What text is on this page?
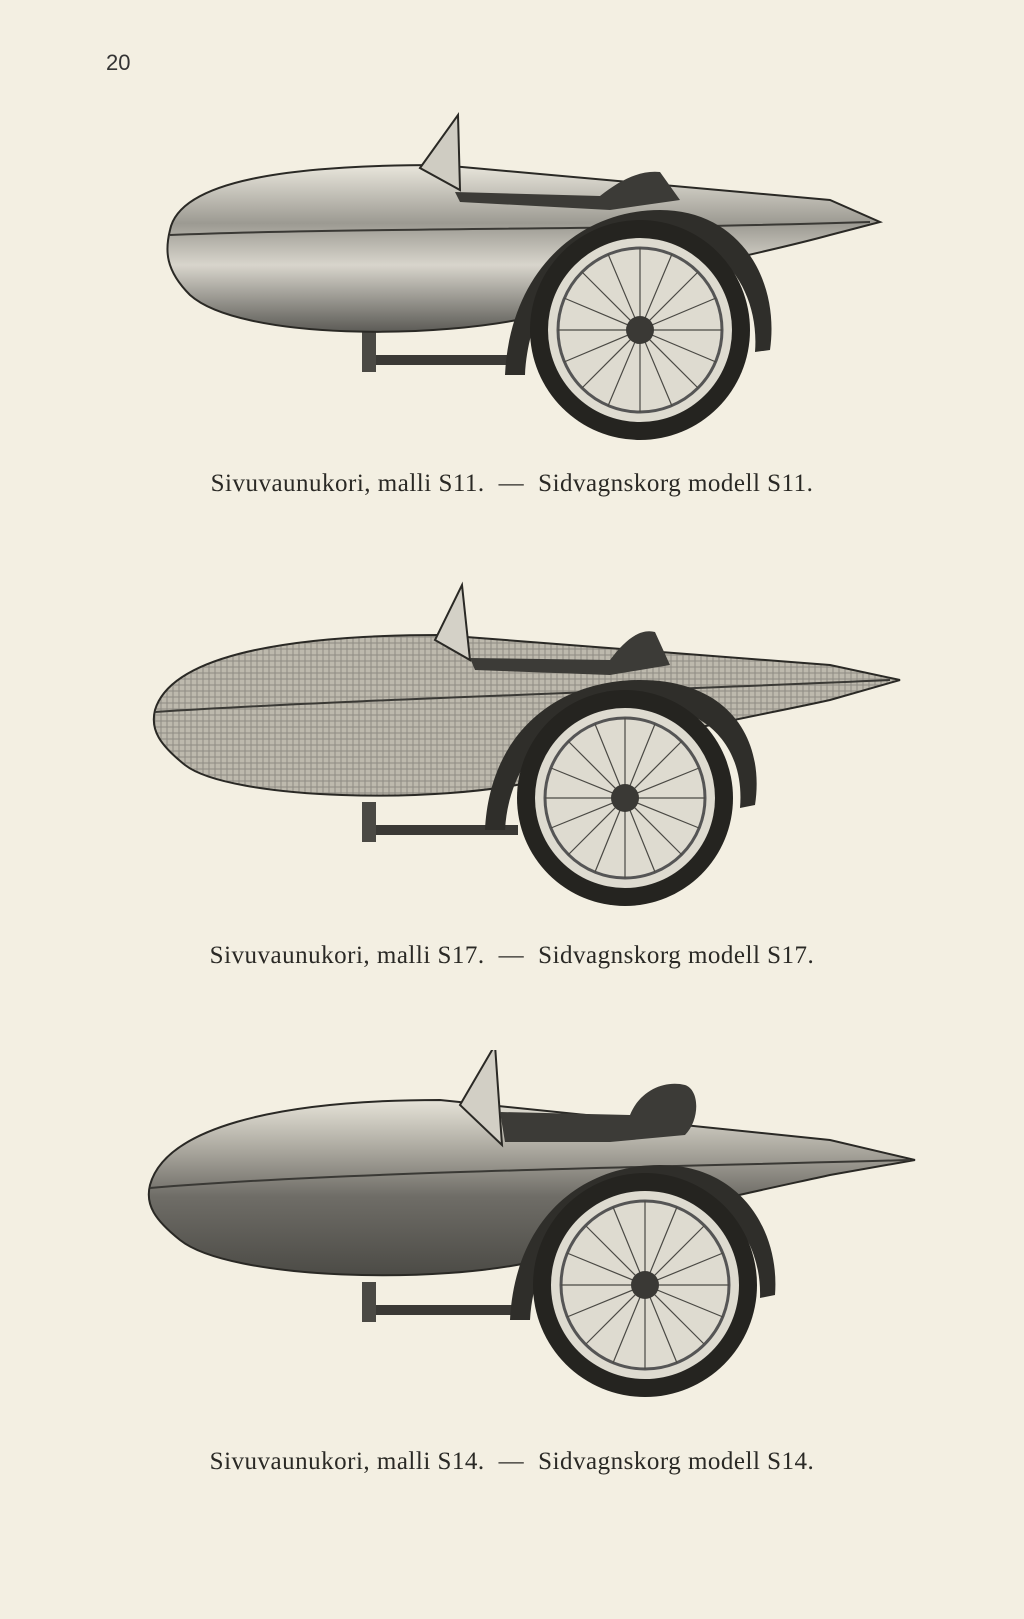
20
Sivuvaunukori, malli S11. — Sidvagnskorg modell S11.
Sivuvaunukori, malli S17. — Sidvagnskorg modell S17.
Sivuvaunukori, malli S14. — Sidvagnskorg modell S14.
